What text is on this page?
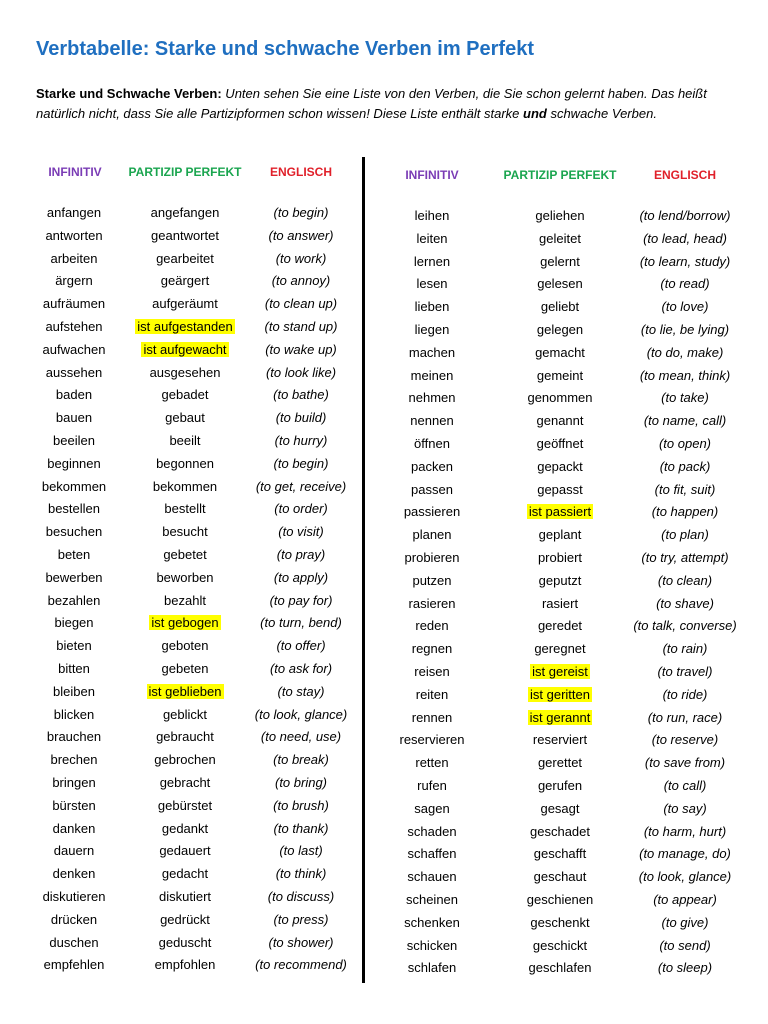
Verbtabelle: Starke und schwache Verben im Perfekt
Starke und Schwache Verben: Unten sehen Sie eine Liste von den Verben, die Sie schon gelernt haben. Das heißt natürlich nicht, dass Sie alle Partizipformen schon wissen! Diese Liste enthält starke und schwache Verben.
INFINITIV	PARTIZIP PERFEKT	ENGLISCH	INFINITIV	PARTIZIP PERFEKT	ENGLISCH
anfangen	angefangen	(to begin)
antworten	geantwortet	(to answer)
arbeiten	gearbeitet	(to work)
ärgern	geärgert	(to annoy)
aufräumen	aufgeräumt	(to clean up)
aufstehen	ist aufgestanden	(to stand up)
aufwachen	ist aufgewacht	(to wake up)
aussehen	ausgesehen	(to look like)
baden	gebadet	(to bathe)
bauen	gebaut	(to build)
beeilen	beeilt	(to hurry)
beginnen	begonnen	(to begin)
bekommen	bekommen	(to get, receive)
bestellen	bestellt	(to order)
besuchen	besucht	(to visit)
beten	gebetet	(to pray)
bewerben	beworben	(to apply)
bezahlen	bezahlt	(to pay for)
biegen	ist gebogen	(to turn, bend)
bieten	geboten	(to offer)
bitten	gebeten	(to ask for)
bleiben	ist geblieben	(to stay)
blicken	geblickt	(to look, glance)
brauchen	gebraucht	(to need, use)
brechen	gebrochen	(to break)
bringen	gebracht	(to bring)
bürsten	gebürstet	(to brush)
danken	gedankt	(to thank)
dauern	gedauert	(to last)
denken	gedacht	(to think)
diskutieren	diskutiert	(to discuss)
drücken	gedrückt	(to press)
duschen	geduscht	(to shower)
empfehlen	empfohlen	(to recommend)
leihen	geliehen	(to lend/borrow)
leiten	geleitet	(to lead, head)
lernen	gelernt	(to learn, study)
lesen	gelesen	(to read)
lieben	geliebt	(to love)
liegen	gelegen	(to lie, be lying)
machen	gemacht	(to do, make)
meinen	gemeint	(to mean, think)
nehmen	genommen	(to take)
nennen	genannt	(to name, call)
öffnen	geöffnet	(to open)
packen	gepackt	(to pack)
passen	gepasst	(to fit, suit)
passieren	ist passiert	(to happen)
planen	geplant	(to plan)
probieren	probiert	(to try, attempt)
putzen	geputzt	(to clean)
rasieren	rasiert	(to shave)
reden	geredet	(to talk, converse)
regnen	geregnet	(to rain)
reisen	ist gereist	(to travel)
reiten	ist geritten	(to ride)
rennen	ist gerannt	(to run, race)
reservieren	reserviert	(to reserve)
retten	gerettet	(to save from)
rufen	gerufen	(to call)
sagen	gesagt	(to say)
schaden	geschadet	(to harm, hurt)
schaffen	geschafft	(to manage, do)
schauen	geschaut	(to look, glance)
scheinen	geschienen	(to appear)
schenken	geschenkt	(to give)
schicken	geschickt	(to send)
schlafen	geschlafen	(to sleep)
